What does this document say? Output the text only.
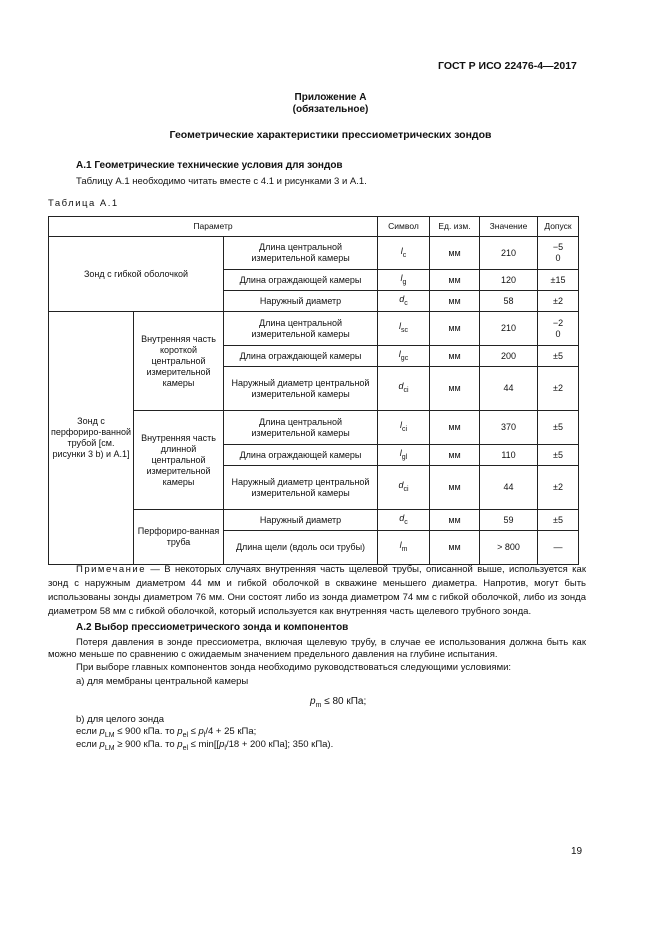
ГОСТ Р ИСО 22476-4—2017
Приложение А
(обязательное)
Геометрические характеристики прессиометрических зондов
А.1 Геометрические технические условия для зондов
Таблицу А.1 необходимо читать вместе с 4.1 и рисунками 3 и А.1.
Таблица А.1
Параметр			Символ	Ед. изм.	Значение	Допуск
Зонд с гибкой оболочкой		Длина центральной измерительной камеры	$l_c$	мм	210	−5
0

		Длина ограждающей камеры	$l_g$	мм	120	±15
		Наружный диаметр	$d_c$	мм	58	±2
Зонд с перфориро-ванной трубой [см. рисунки 3 b) и А.1]	Внутренняя часть короткой центральной измерительной камеры	Длина центральной измерительной камеры	$l_{sc}$	мм	210	−2
0

		Длина ограждающей камеры	$l_{gc}$	мм	200	±5
		Наружный диаметр центральной измерительной камеры	$d_{ci}$	мм	44	±2
	Внутренняя часть длинной центральной измерительной камеры	Длина центральной измерительной камеры	$l_{ci}$	мм	370	±5
		Длина ограждающей камеры	$l_{gl}$	мм	110	±5
		Наружный диаметр центральной измерительной камеры	$d_{ci}$	мм	44	±2
	Перфориро-ванная труба	Наружный диаметр	$d_c$	мм	59	±5
		Длина щели (вдоль оси трубы)	$l_m$	мм	> 800	—
Примечание — В некоторых случаях внутренняя часть щелевой трубы, описанной выше, используется как зонд с наружным диаметром 44 мм и гибкой оболочкой в скважине меньшего диаметра. Напротив, могут быть использованы зонды диаметром 76 мм. Они состоят либо из зонда диаметром 74 мм с гибкой оболочкой, либо из зонда диаметром 58 мм с гибкой оболочкой, который используется как внутренняя часть щелевого трубного зонда.
А.2 Выбор прессиометрического зонда и компонентов
Потеря давления в зонде прессиометра, включая щелевую трубу, в случае ее использования должна быть как можно меньше по сравнению с ожидаемым значением предельного давления на глубине испытания.
При выборе главных компонентов зонда необходимо руководствоваться следующими условиями:
а) для мембраны центральной камеры
$p_m \le 80$ кПа;
b) для целого зонда
если $p_{LM} \le 900$ кПа. то $p_{el} \le p_l/4 + 25$ кПа;
если $p_{LM} \ge 900$ кПа. то $p_{el} \le \min[[p_l/18 + 200$ кПа]; 350 кПа).
19
